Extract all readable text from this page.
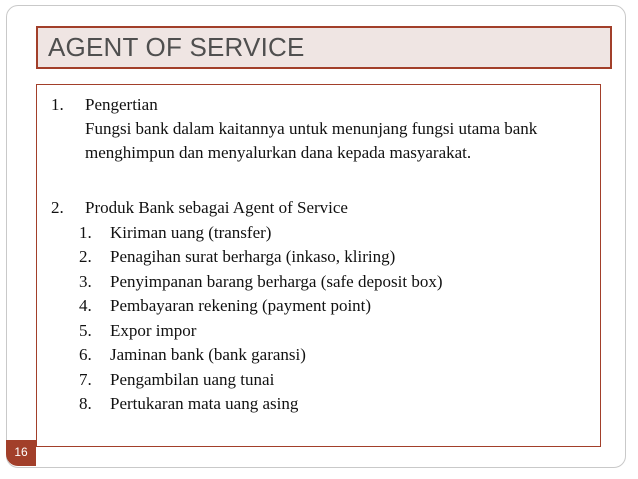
AGENT OF SERVICE
1. Pengertian
Fungsi bank dalam kaitannya untuk menunjang fungsi utama bank
menghimpun dan menyalurkan dana kepada masyarakat.
2. Produk Bank sebagai Agent of Service
1. Kiriman uang (transfer)
2. Penagihan surat berharga (inkaso, kliring)
3. Penyimpanan barang berharga (safe deposit box)
4. Pembayaran rekening (payment point)
5. Expor impor
6. Jaminan bank (bank garansi)
7. Pengambilan uang tunai
8. Pertukaran mata uang asing
16
